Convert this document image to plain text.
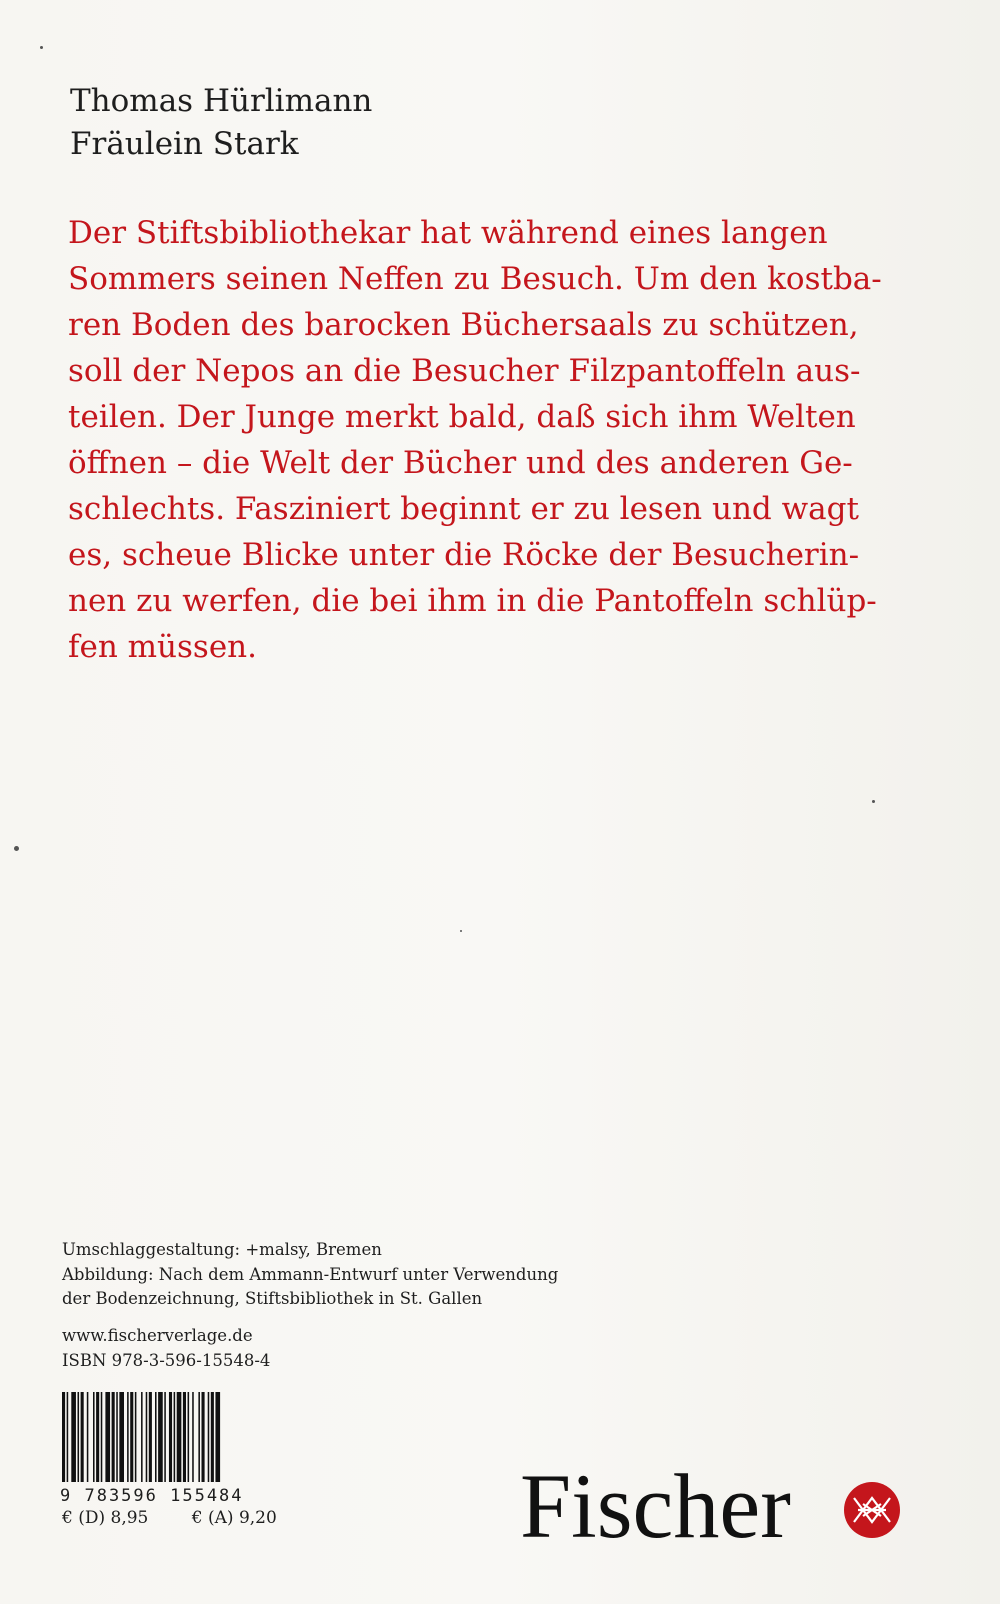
Thomas Hürlimann
Fräulein Stark
Der Stiftsbibliothekar hat während eines langen
Sommers seinen Neffen zu Besuch. Um den kostba-
ren Boden des barocken Büchersaals zu schützen,
soll der Nepos an die Besucher Filzpantoffeln aus-
teilen. Der Junge merkt bald, daß sich ihm Welten
öffnen – die Welt der Bücher und des anderen Ge-
schlechts. Fasziniert beginnt er zu lesen und wagt
es, scheue Blicke unter die Röcke der Besucherin-
nen zu werfen, die bei ihm in die Pantoffeln schlüp-
fen müssen.
Umschlaggestaltung: +malsy, Bremen
Abbildung: Nach dem Ammann-Entwurf unter Verwendung
der Bodenzeichnung, Stiftsbibliothek in St. Gallen
www.fischerverlage.de
ISBN 978-3-596-15548-4
9 783596 155484
€ (D) 8,95	€ (A) 9,20	Fischer
